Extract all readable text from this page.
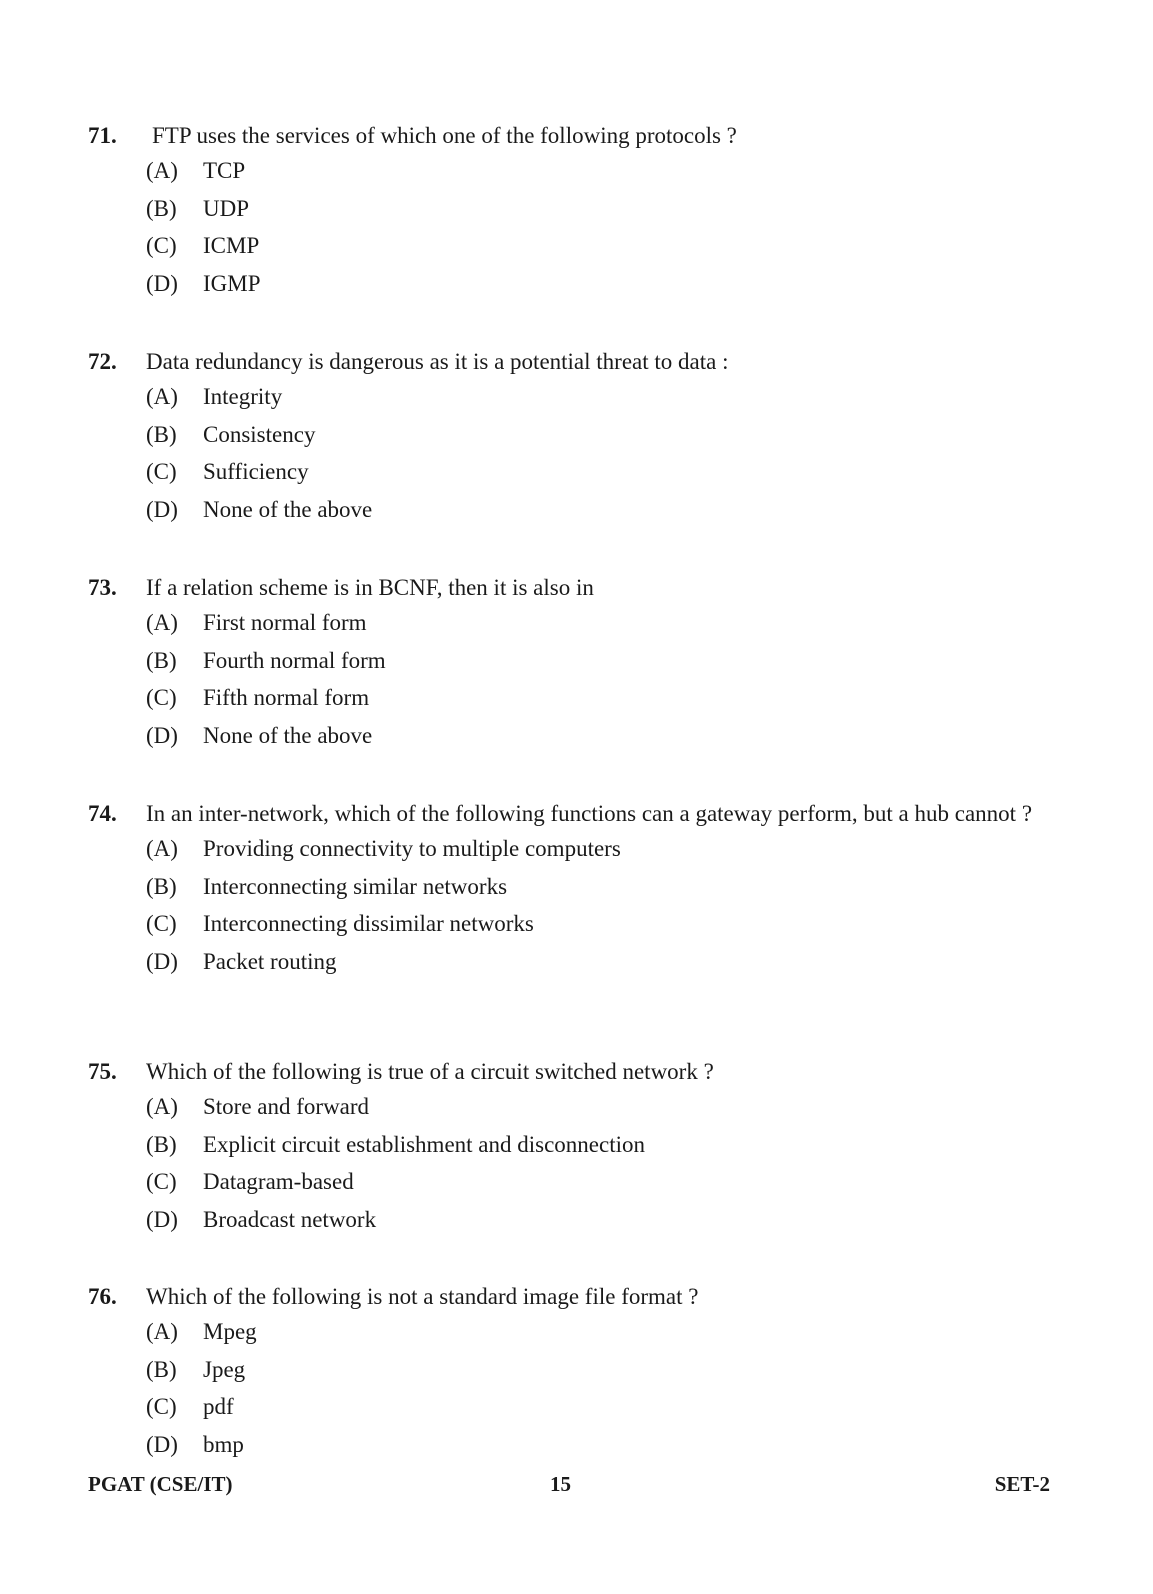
71.	FTP uses the services of which one of the following protocols ?

(A) TCP
(B) UDP
(C) ICMP
(D) IGMP

72.	Data redundancy is dangerous as it is a potential threat to data :

(A) Integrity
(B) Consistency
(C) Sufficiency
(D) None of the above

73.	If a relation scheme is in BCNF, then it is also in

(A) First normal form
(B) Fourth normal form
(C) Fifth normal form
(D) None of the above

74.	In an inter-network, which of the following functions can a gateway perform, but a hub cannot ?

(A) Providing connectivity to multiple computers
(B) Interconnecting similar networks
(C) Interconnecting dissimilar networks
(D) Packet routing

75.	Which of the following is true of a circuit switched network ?

(A) Store and forward
(B) Explicit circuit establishment and disconnection
(C) Datagram-based
(D) Broadcast network

76.	Which of the following is not a standard image file format ?

(A) Mpeg
(B) Jpeg
(C) pdf
(D) bmp
PGAT (CSE/IT)	15	SET-2
